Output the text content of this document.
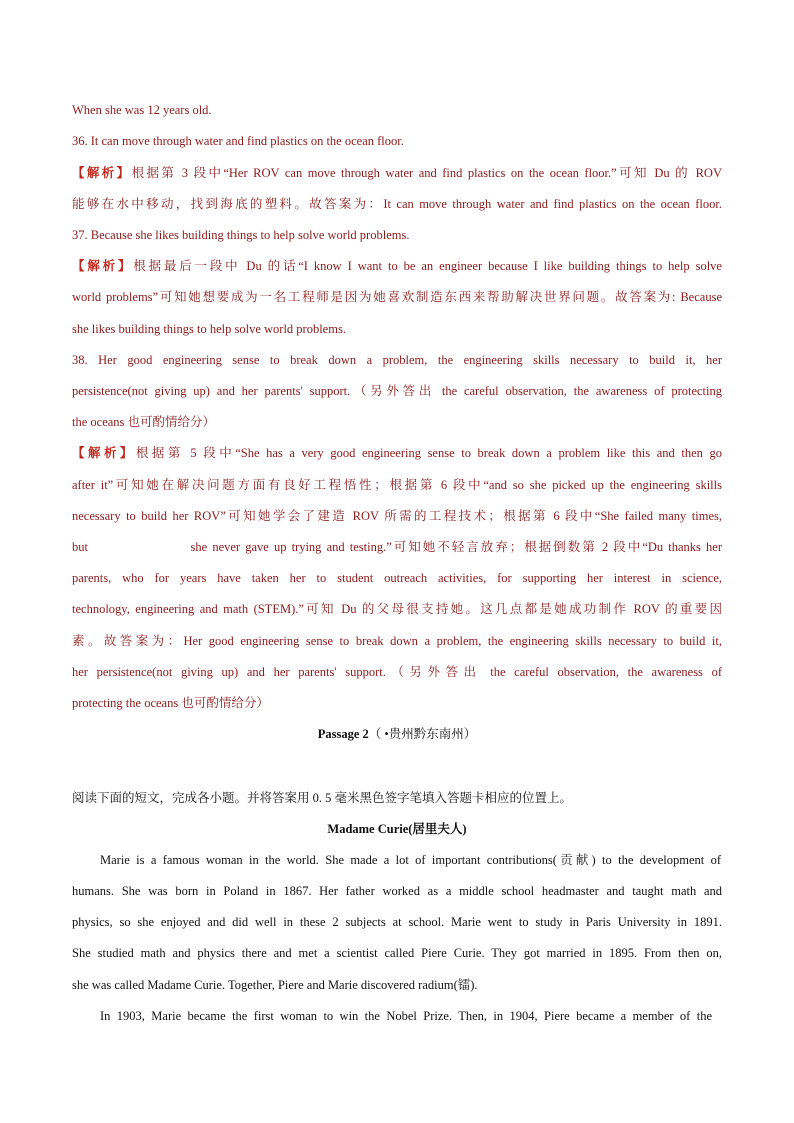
When she was 12 years old.
36. It can move through water and find plastics on the ocean floor.
【解析】根据第 3 段中“Her ROV can move through water and find plastics on the ocean floor.”可知 Du 的 ROV
能够在水中移动，找到海底的塑料。故答案为：It can move through water and find plastics on the ocean floor.
37. Because she likes building things to help solve world problems.
【解析】根据最后一段中 Du 的话“I know I want to be an engineer because I like building things to help solve
world problems”可知她想要成为一名工程师是因为她喜欢制造东西来帮助解决世界问题。故答案为: Because
she likes building things to help solve world problems.
38. Her good engineering sense to break down a problem, the engineering skills necessary to build it, her
persistence(not giving up) and her parents' support.（另外答出 the careful observation, the awareness of protecting
the oceans 也可酌情给分）
【解析】根据第 5 段中“She has a very good engineering sense to break down a problem like this and then go
after it”可知她在解决问题方面有良好工程悟性；根据第 6 段中“and so she picked up the engineering skills
necessary to build her ROV”可知她学会了建造 ROV 所需的工程技术；根据第 6 段中“She failed many times,
but                    she never gave up trying and testing.”可知她不轻言放弃；根据倒数第 2 段中“Du thanks her
parents, who for years have taken her to student outreach activities, for supporting her interest in science,
technology, engineering and math (STEM).”可知 Du 的父母很支持她。这几点都是她成功制作 ROV 的重要因
素。故答案为：Her good engineering sense to break down a problem, the engineering skills necessary to build it,
her persistence(not giving up) and her parents' support.（另外答出 the careful observation, the awareness of
protecting the oceans 也可酌情给分）
Passage 2（ •贵州黔东南州）
阅读下面的短文，完成各小题。并将答案用 0. 5 毫米黑色签字笔填入答题卡相应的位置上。
Madame Curie(居里夫人)
Marie is a famous woman in the world. She made a lot of important contributions(贡献) to the development of
humans. She was born in Poland in 1867. Her father worked as a middle school headmaster and taught math and
physics, so she enjoyed and did well in these 2 subjects at school. Marie went to study in Paris University in 1891.
She studied math and physics there and met a scientist called Piere Curie. They got married in 1895. From then on,
she was called Madame Curie. Together, Piere and Marie discovered radium(镭).
In 1903, Marie became the first woman to win the Nobel Prize. Then, in 1904, Piere became a member of the
